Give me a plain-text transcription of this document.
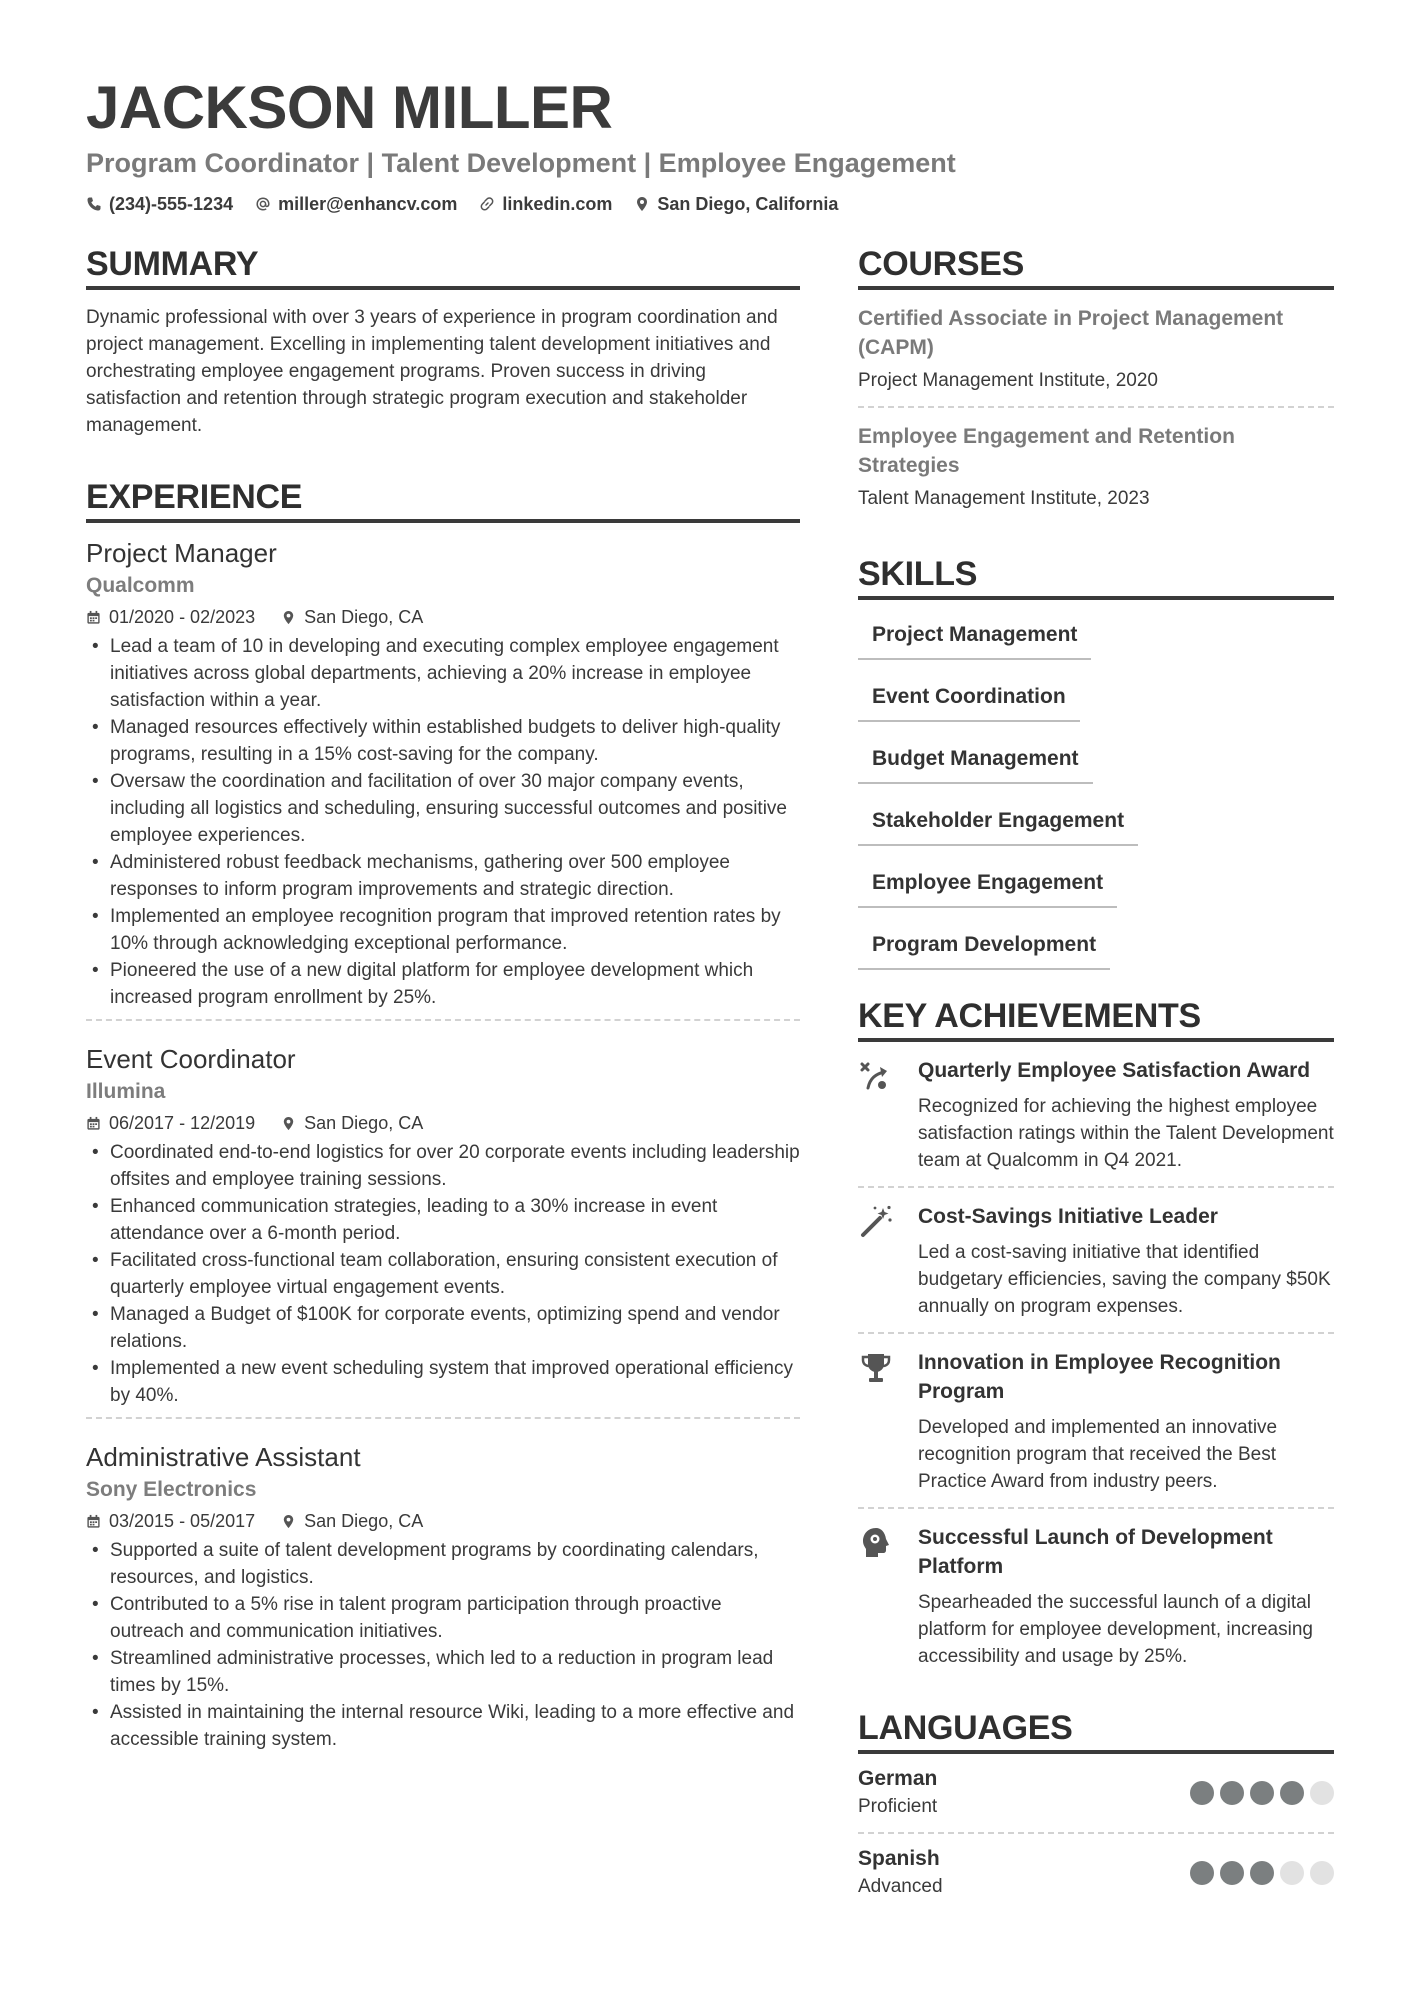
JACKSON MILLER
Program Coordinator | Talent Development | Employee Engagement
(234)-555-1234	miller@enhancv.com	linkedin.com	San Diego, California
SUMMARY

Dynamic professional with over 3 years of experience in program coordination and project management. Excelling in implementing talent development initiatives and orchestrating employee engagement programs. Proven success in driving satisfaction and retention through strategic program execution and stakeholder management.

EXPERIENCE
Project Manager
Qualcomm
01/2020 - 02/2023	San Diego, CA
• Lead a team of 10 in developing and executing complex employee engagement initiatives across global departments, achieving a 20% increase in employee satisfaction within a year.
• Managed resources effectively within established budgets to deliver high-quality programs, resulting in a 15% cost-saving for the company.
• Oversaw the coordination and facilitation of over 30 major company events, including all logistics and scheduling, ensuring successful outcomes and positive employee experiences.
• Administered robust feedback mechanisms, gathering over 500 employee responses to inform program improvements and strategic direction.
• Implemented an employee recognition program that improved retention rates by 10% through acknowledging exceptional performance.
• Pioneered the use of a new digital platform for employee development which increased program enrollment by 25%.
Event Coordinator
Illumina
06/2017 - 12/2019	San Diego, CA
• Coordinated end-to-end logistics for over 20 corporate events including leadership offsites and employee training sessions.
• Enhanced communication strategies, leading to a 30% increase in event attendance over a 6-month period.
• Facilitated cross-functional team collaboration, ensuring consistent execution of quarterly employee virtual engagement events.
• Managed a Budget of $100K for corporate events, optimizing spend and vendor relations.
• Implemented a new event scheduling system that improved operational efficiency by 40%.
Administrative Assistant
Sony Electronics
03/2015 - 05/2017	San Diego, CA
• Supported a suite of talent development programs by coordinating calendars, resources, and logistics.
• Contributed to a 5% rise in talent program participation through proactive outreach and communication initiatives.
• Streamlined administrative processes, which led to a reduction in program lead times by 15%.
• Assisted in maintaining the internal resource Wiki, leading to a more effective and accessible training system.
COURSES
Certified Associate in Project Management (CAPM)
Project Management Institute, 2020
Employee Engagement and Retention Strategies
Talent Management Institute, 2023
SKILLS
Project Management
Event Coordination
Budget Management
Stakeholder Engagement
Employee Engagement
Program Development
KEY ACHIEVEMENTS
Quarterly Employee Satisfaction Award
Recognized for achieving the highest employee satisfaction ratings within the Talent Development team at Qualcomm in Q4 2021.
Cost-Savings Initiative Leader
Led a cost-saving initiative that identified budgetary efficiencies, saving the company $50K annually on program expenses.
Innovation in Employee Recognition Program
Developed and implemented an innovative recognition program that received the Best Practice Award from industry peers.
Successful Launch of Development Platform
Spearheaded the successful launch of a digital platform for employee development, increasing accessibility and usage by 25%.
LANGUAGES
German
Proficient
Spanish
Advanced
